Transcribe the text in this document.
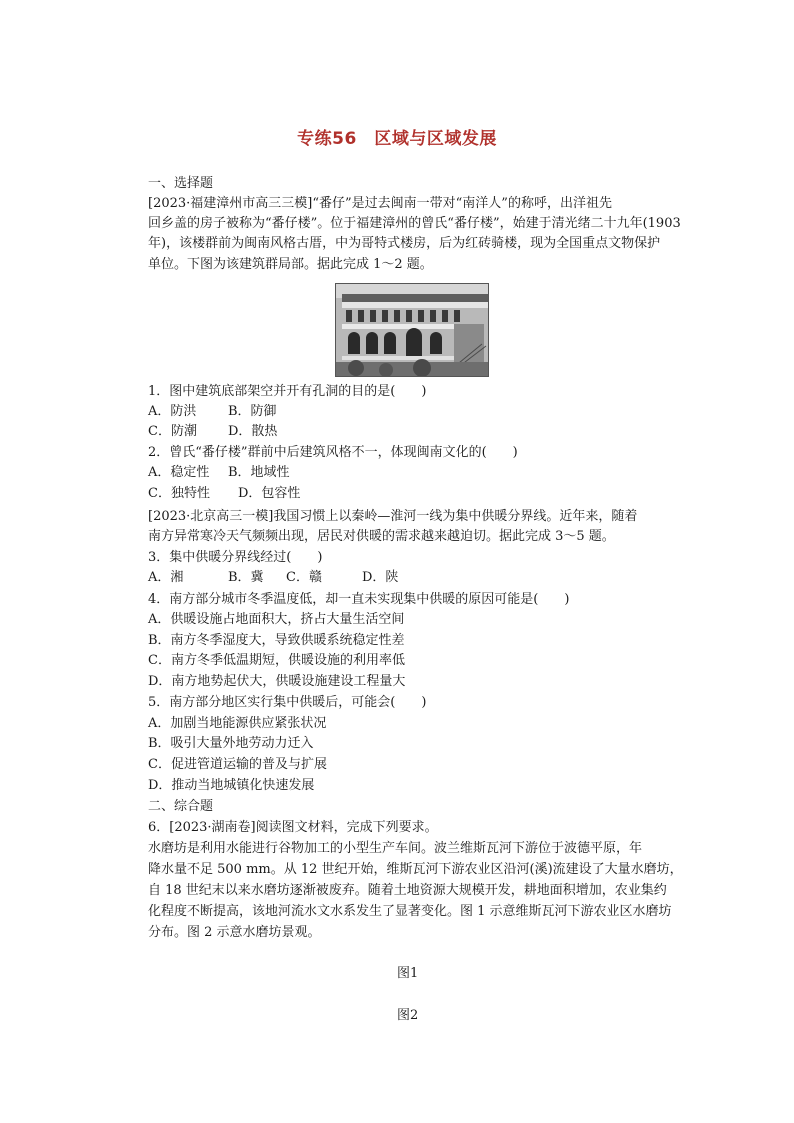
专练56　区域与区域发展
一、选择题
[2023·福建漳州市高三三模]“番仔”是过去闽南一带对“南洋人”的称呼，出洋祖先
回乡盖的房子被称为“番仔楼”。位于福建漳州的曾氏“番仔楼”，始建于清光绪二十九年(1903
年)，该楼群前为闽南风格古厝，中为哥特式楼房，后为红砖骑楼，现为全国重点文物保护
单位。下图为该建筑群局部。据此完成 1～2 题。
1．图中建筑底部架空并开有孔洞的目的是(　　)
A．防洪 B．防御
C．防潮 D．散热
2．曾氏“番仔楼”群前中后建筑风格不一，体现闽南文化的(　　)
A．稳定性 B．地域性
C．独特性 D．包容性
[2023·北京高三一模]我国习惯上以秦岭—淮河一线为集中供暖分界线。近年来，随着
南方异常寒冷天气频频出现，居民对供暖的需求越来越迫切。据此完成 3～5 题。
3．集中供暖分界线经过(　　)
A．湘	B．冀 C．赣	D．陕
4．南方部分城市冬季温度低，却一直未实现集中供暖的原因可能是(　　)
A．供暖设施占地面积大，挤占大量生活空间
B．南方冬季湿度大，导致供暖系统稳定性差
C．南方冬季低温期短，供暖设施的利用率低
D．南方地势起伏大，供暖设施建设工程量大
5．南方部分地区实行集中供暖后，可能会(　　)
A．加剧当地能源供应紧张状况
B．吸引大量外地劳动力迁入
C．促进管道运输的普及与扩展
D．推动当地城镇化快速发展
二、综合题
6．[2023·湖南卷]阅读图文材料，完成下列要求。
水磨坊是利用水能进行谷物加工的小型生产车间。波兰维斯瓦河下游位于波德平原，年
降水量不足 500 mm。从 12 世纪开始，维斯瓦河下游农业区沿河(溪)流建设了大量水磨坊，
自 18 世纪末以来水磨坊逐渐被废弃。随着土地资源大规模开发，耕地面积增加，农业集约
化程度不断提高，该地河流水文水系发生了显著变化。图 1 示意维斯瓦河下游农业区水磨坊
分布。图 2 示意水磨坊景观。
图1
图2
